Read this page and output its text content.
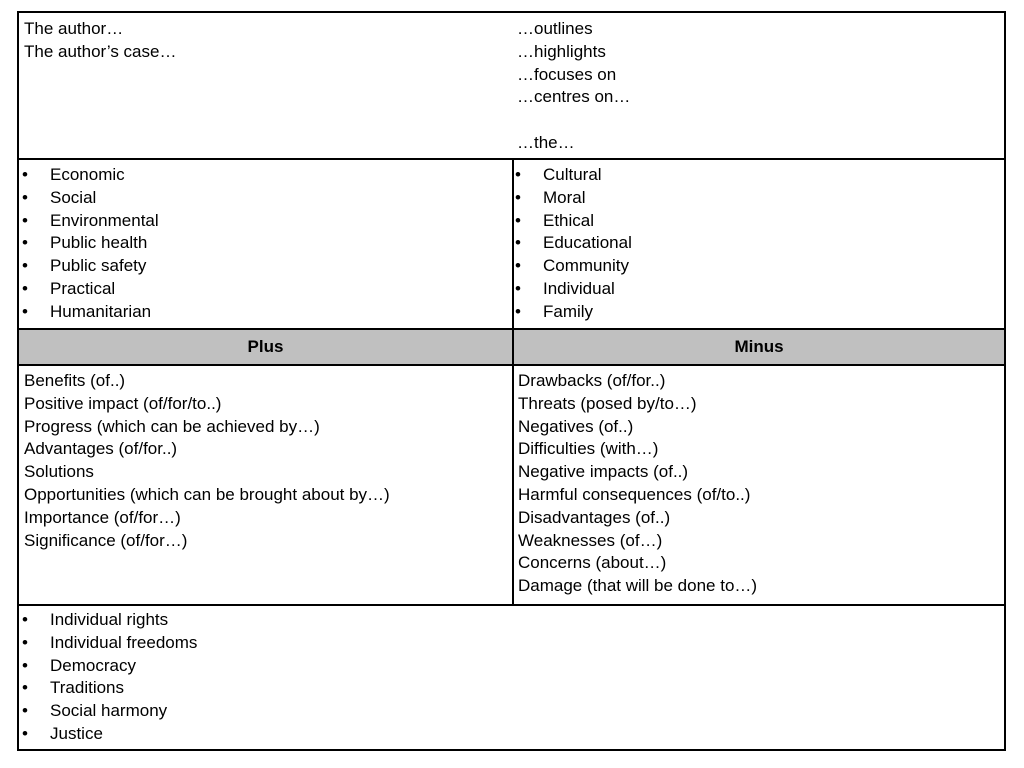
The author…
The author’s case…
…outlines
…highlights
…focuses on
…centres on…
…the…
• Economic
• Social
• Environmental
• Public health
• Public safety
• Practical
• Humanitarian
• Cultural
• Moral
• Ethical
• Educational
• Community
• Individual
• Family
Plus	Minus
Benefits (of..)
Positive impact (of/for/to..)
Progress (which can be achieved by…)
Advantages (of/for..)
Solutions
Opportunities (which can be brought about by…)
Importance (of/for…)
Significance (of/for…)
Drawbacks (of/for..)
Threats (posed by/to…)
Negatives (of..)
Difficulties (with…)
Negative impacts (of..)
Harmful consequences (of/to..)
Disadvantages (of..)
Weaknesses (of…)
Concerns (about…)
Damage (that will be done to…)
• Individual rights
• Individual freedoms
• Democracy
• Traditions
• Social harmony
• Justice
